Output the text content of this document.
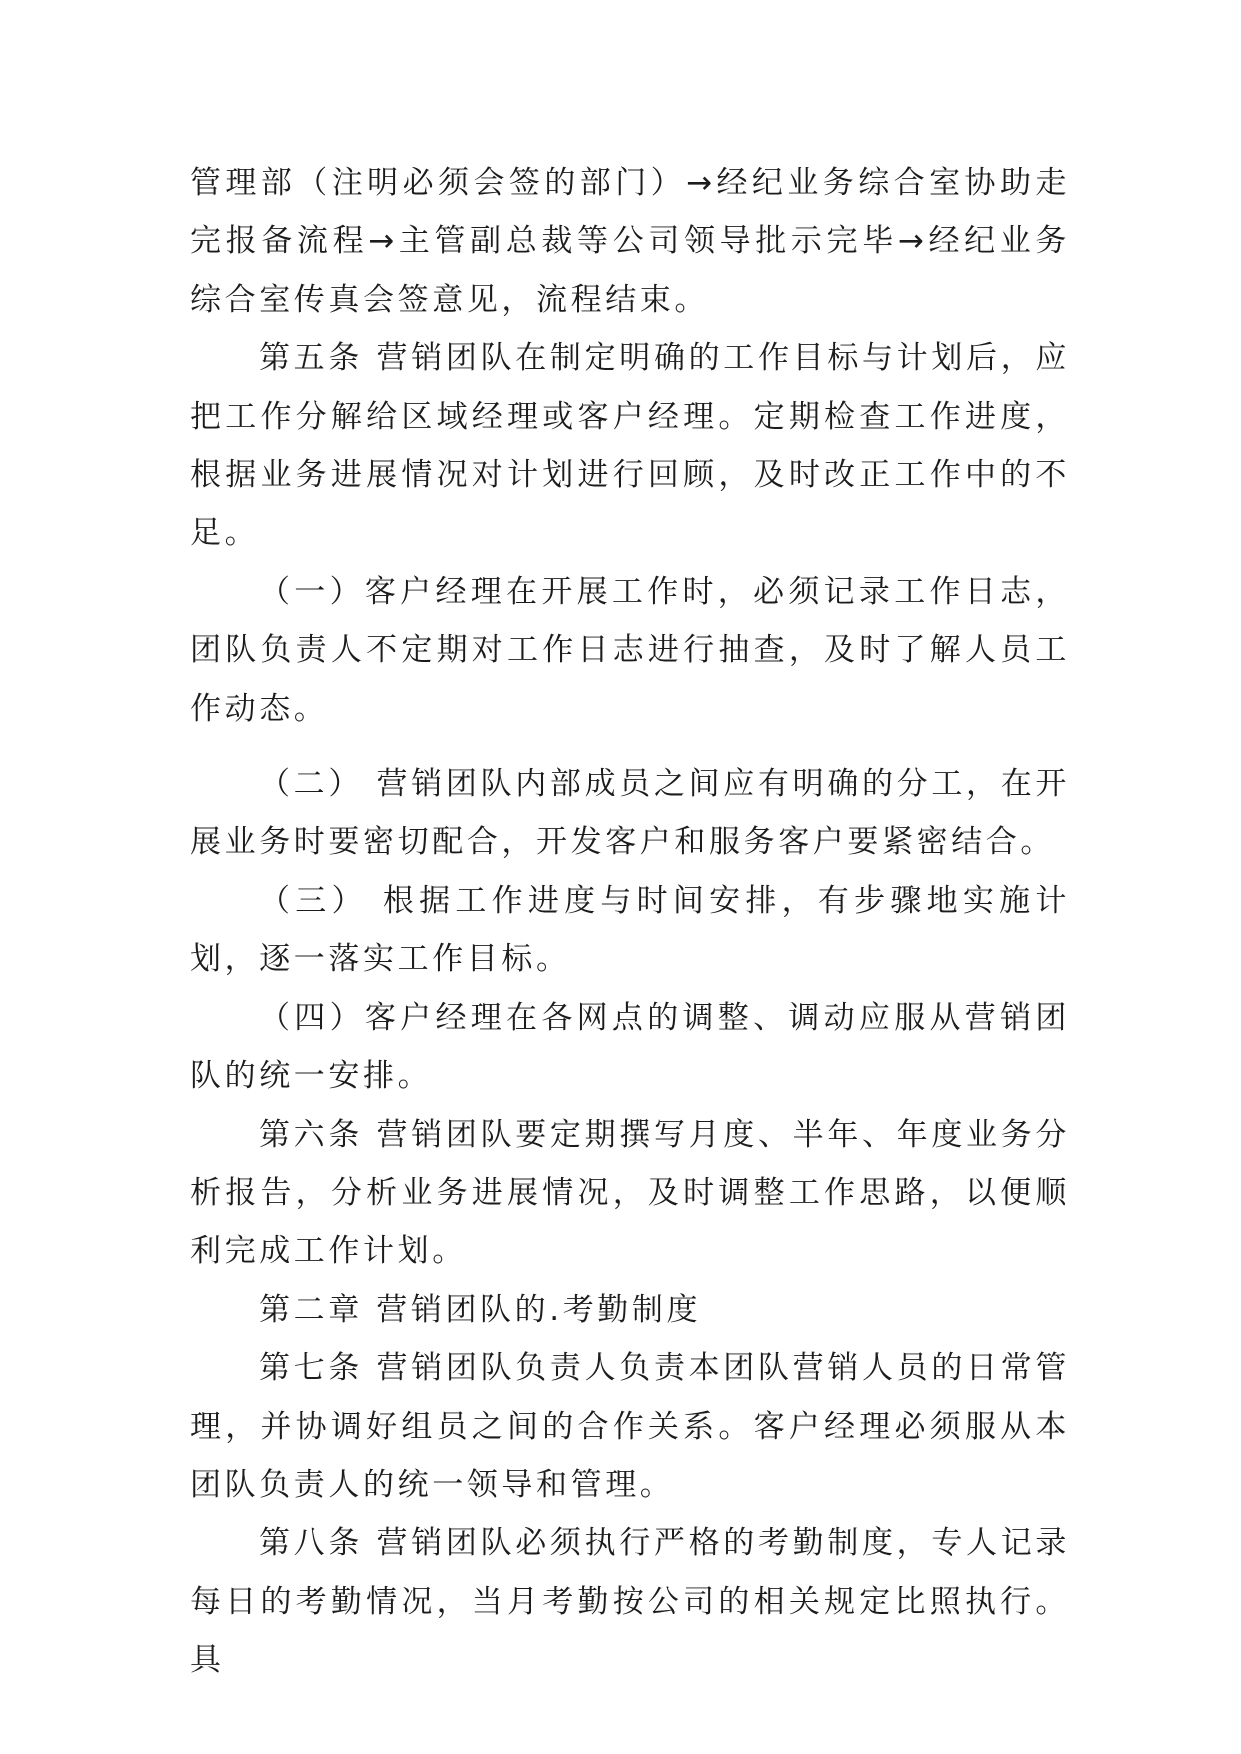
管理部（注明必须会签的部门）→经纪业务综合室协助走完报备流程→主管副总裁等公司领导批示完毕→经纪业务综合室传真会签意见，流程结束。

第五条 营销团队在制定明确的工作目标与计划后，应把工作分解给区域经理或客户经理。定期检查工作进度，根据业务进展情况对计划进行回顾，及时改正工作中的不足。

（一）客户经理在开展工作时，必须记录工作日志，团队负责人不定期对工作日志进行抽查，及时了解人员工作动态。

（二） 营销团队内部成员之间应有明确的分工，在开展业务时要密切配合，开发客户和服务客户要紧密结合。

（三） 根据工作进度与时间安排，有步骤地实施计划，逐一落实工作目标。

（四）客户经理在各网点的调整、调动应服从营销团队的统一安排。

第六条 营销团队要定期撰写月度、半年、年度业务分析报告，分析业务进展情况，及时调整工作思路，以便顺利完成工作计划。

第二章 营销团队的.考勤制度

第七条 营销团队负责人负责本团队营销人员的日常管理，并协调好组员之间的合作关系。客户经理必须服从本团队负责人的统一领导和管理。

第八条 营销团队必须执行严格的考勤制度，专人记录每日的考勤情况，当月考勤按公司的相关规定比照执行。具
